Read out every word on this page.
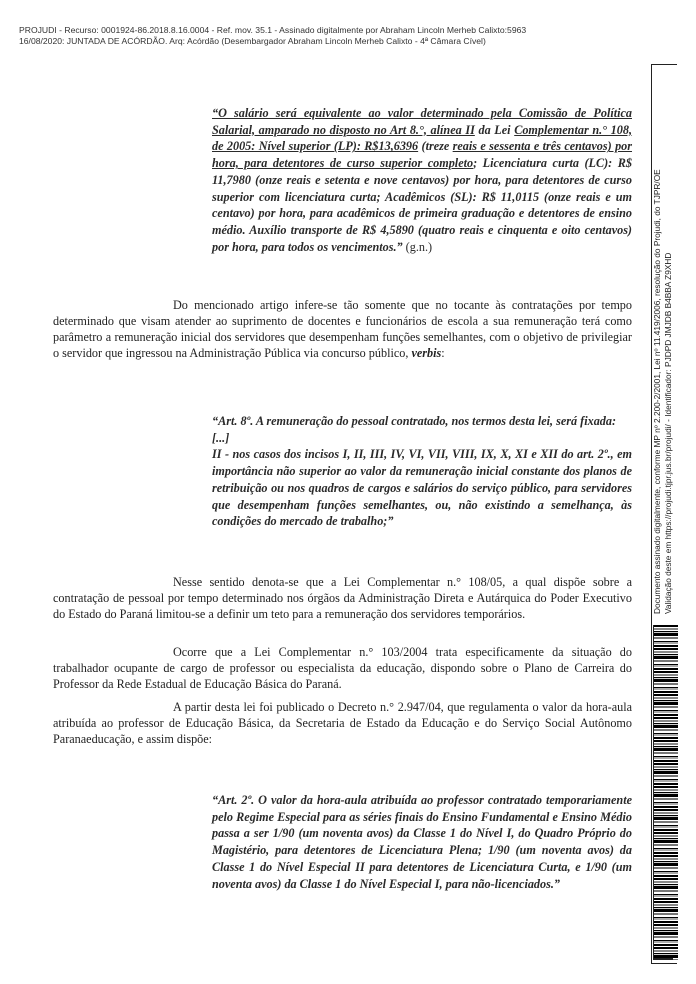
PROJUDI - Recurso: 0001924-86.2018.8.16.0004 - Ref. mov. 35.1 - Assinado digitalmente por Abraham Lincoln Merheb Calixto:5963
16/08/2020: JUNTADA DE ACÓRDÃO. Arq: Acórdão (Desembargador Abraham Lincoln Merheb Calixto - 4ª Câmara Cível)
“O salário será equivalente ao valor determinado pela Comissão de Política Salarial, amparado no disposto no Art 8.°, alínea II da Lei Complementar n.° 108, de 2005: Nível superior (LP): R$13,6396 (treze reais e sessenta e três centavos) por hora, para detentores de curso superior completo; Licenciatura curta (LC): R$ 11,7980 (onze reais e setenta e nove centavos) por hora, para detentores de curso superior com licenciatura curta; Acadêmicos (SL): R$ 11,0115 (onze reais e um centavo) por hora, para acadêmicos de primeira graduação e detentores de ensino médio. Auxílio transporte de R$ 4,5890 (quatro reais e cinquenta e oito centavos) por hora, para todos os vencimentos.” (g.n.)
Do mencionado artigo infere-se tão somente que no tocante às contratações por tempo determinado que visam atender ao suprimento de docentes e funcionários de escola a sua remuneração terá como parâmetro a remuneração inicial dos servidores que desempenham funções semelhantes, com o objetivo de privilegiar o servidor que ingressou na Administração Pública via concurso público, verbis:
“Art. 8º. A remuneração do pessoal contratado, nos termos desta lei, será fixada:
[...]
II - nos casos dos incisos I, II, III, IV, VI, VII, VIII, IX, X, XI e XII do art. 2º., em importância não superior ao valor da remuneração inicial constante dos planos de retribuição ou nos quadros de cargos e salários do serviço público, para servidores que desempenham funções semelhantes, ou, não existindo a semelhança, às condições do mercado de trabalho;”
Nesse sentido denota-se que a Lei Complementar n.° 108/05, a qual dispõe sobre a contratação de pessoal por tempo determinado nos órgãos da Administração Direta e Autárquica do Poder Executivo do Estado do Paraná limitou-se a definir um teto para a remuneração dos servidores temporários.
Ocorre que a Lei Complementar n.° 103/2004 trata especificamente da situação do trabalhador ocupante de cargo de professor ou especialista da educação, dispondo sobre o Plano de Carreira do Professor da Rede Estadual de Educação Básica do Paraná.
A partir desta lei foi publicado o Decreto n.° 2.947/04, que regulamenta o valor da hora-aula atribuída ao professor de Educação Básica, da Secretaria de Estado da Educação e do Serviço Social Autônomo Paranaeducação, e assim dispõe:
“Art. 2º. O valor da hora-aula atribuída ao professor contratado temporariamente pelo Regime Especial para as séries finais do Ensino Fundamental e Ensino Médio passa a ser 1/90 (um noventa avos) da Classe 1 do Nível I, do Quadro Próprio do Magistério, para detentores de Licenciatura Plena; 1/90 (um noventa avos) da Classe 1 do Nível Especial II para detentores de Licenciatura Curta, e 1/90 (um noventa avos) da Classe 1 do Nível Especial I, para não-licenciados.”
Documento assinado digitalmente, conforme MP nº 2.200-2/2001, Lei nº 11.419/2006, resolução do Projudi, do TJPR/OE Validação deste em https://projudi.tjpr.jus.br/projudi/ - Identificador: PJDPD JMJDB B4BBA Z9XHD
